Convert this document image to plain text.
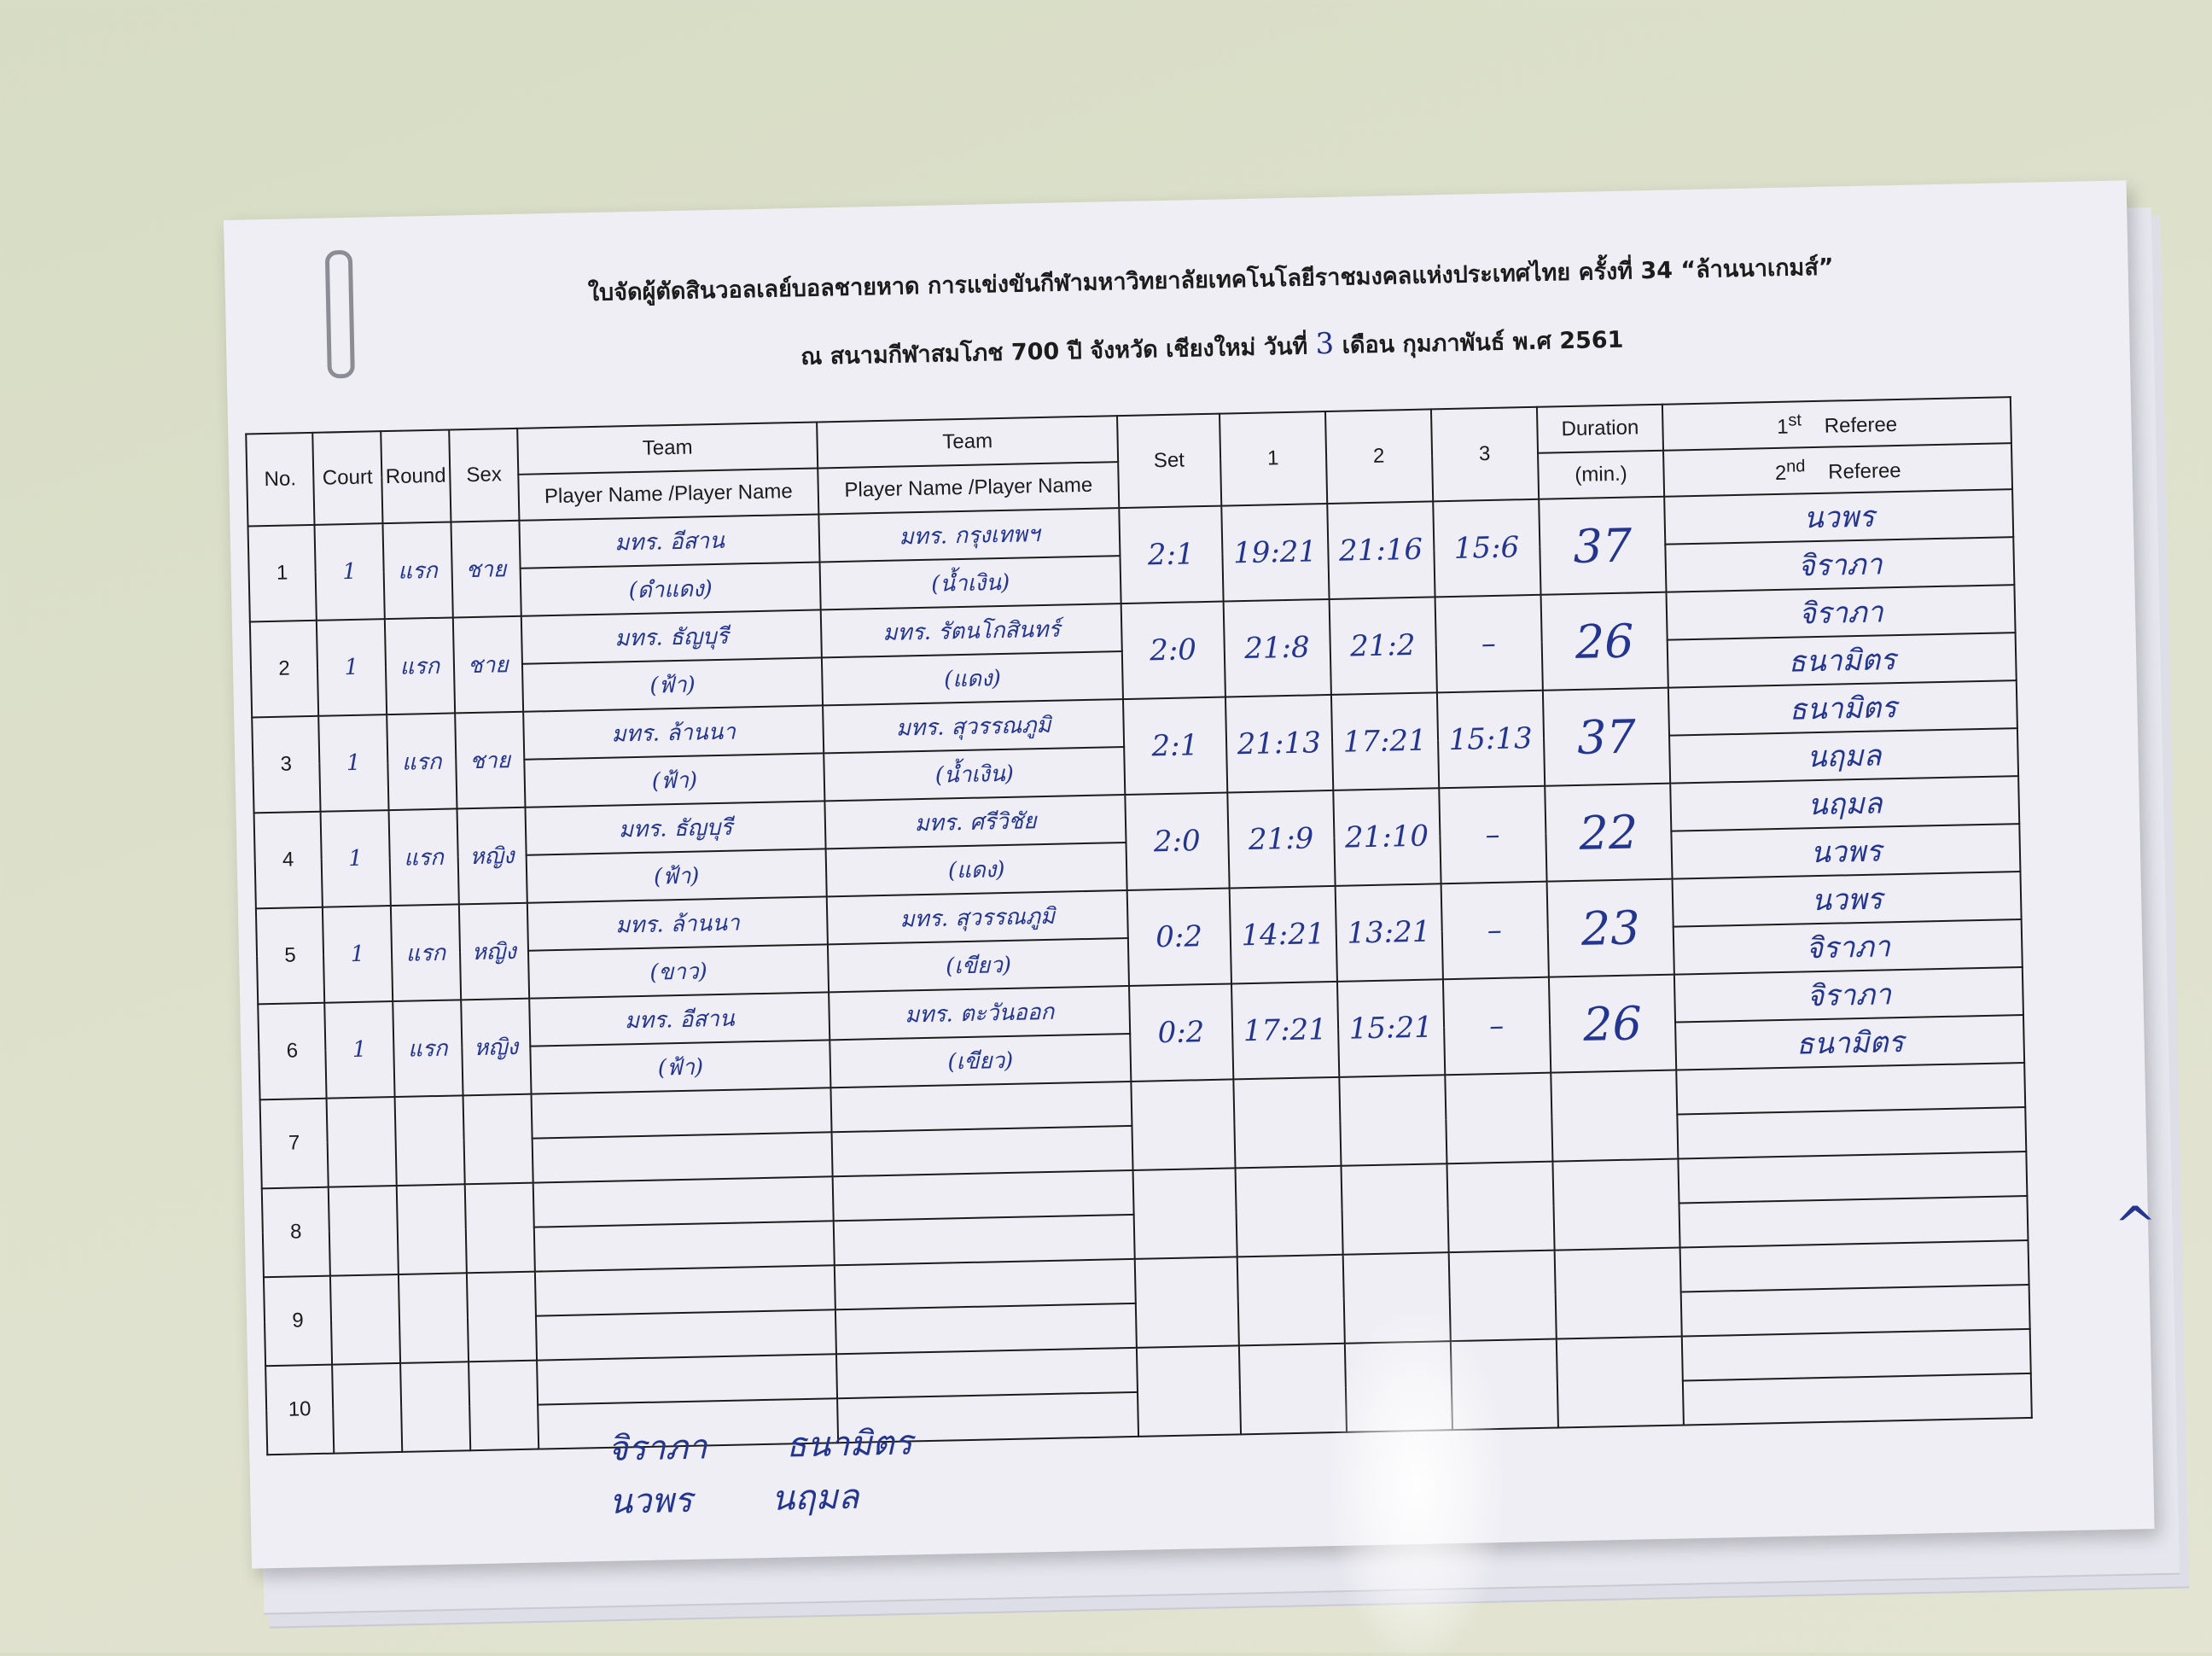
ใบจัดผู้ตัดสินวอลเลย์บอลชายหาด การแข่งขันกีฬามหาวิทยาลัยเทคโนโลยีราชมงคลแห่งประเทศไทย ครั้งที่ 34 “ล้านนาเกมส์”
ณ สนามกีฬาสมโภช 700 ปี จังหวัด เชียงใหม่ วันที่ 3 เดือน กุมภาพันธ์ พ.ศ 2561
No.	Court	Round	Sex	Team	Team	Set	1	2	3	Duration	1st Referee
				Player Name /Player Name	Player Name /Player Name					(min.)	2nd Referee
1	1	แรก	ชาย	มทร. อีสาน	มทร. กรุงเทพฯ	2:1	19:21	21:16	15:6	37	นวพร
				(ดำแดง)	(น้ำเงิน)						จิราภา
2	1	แรก	ชาย	มทร. ธัญบุรี	มทร. รัตนโกสินทร์	2:0	21:8	21:2	–	26	จิราภา
				(ฟ้า)	(แดง)						ธนามิตร
3	1	แรก	ชาย	มทร. ล้านนา	มทร. สุวรรณภูมิ	2:1	21:13	17:21	15:13	37	ธนามิตร
				(ฟ้า)	(น้ำเงิน)						นฤมล
4	1	แรก	หญิง	มทร. ธัญบุรี	มทร. ศรีวิชัย	2:0	21:9	21:10	–	22	นฤมล
				(ฟ้า)	(แดง)						นวพร
5	1	แรก	หญิง	มทร. ล้านนา	มทร. สุวรรณภูมิ	0:2	14:21	13:21	–	23	นวพร
				(ขาว)	(เขียว)						จิราภา
6	1	แรก	หญิง	มทร. อีสาน	มทร. ตะวันออก	0:2	17:21	15:21	–	26	จิราภา
				(ฟ้า)	(เขียว)						ธนามิตร
7											

8											

9											

10											

จิราภา ธนามิตร
นวพร นฤมล
^
